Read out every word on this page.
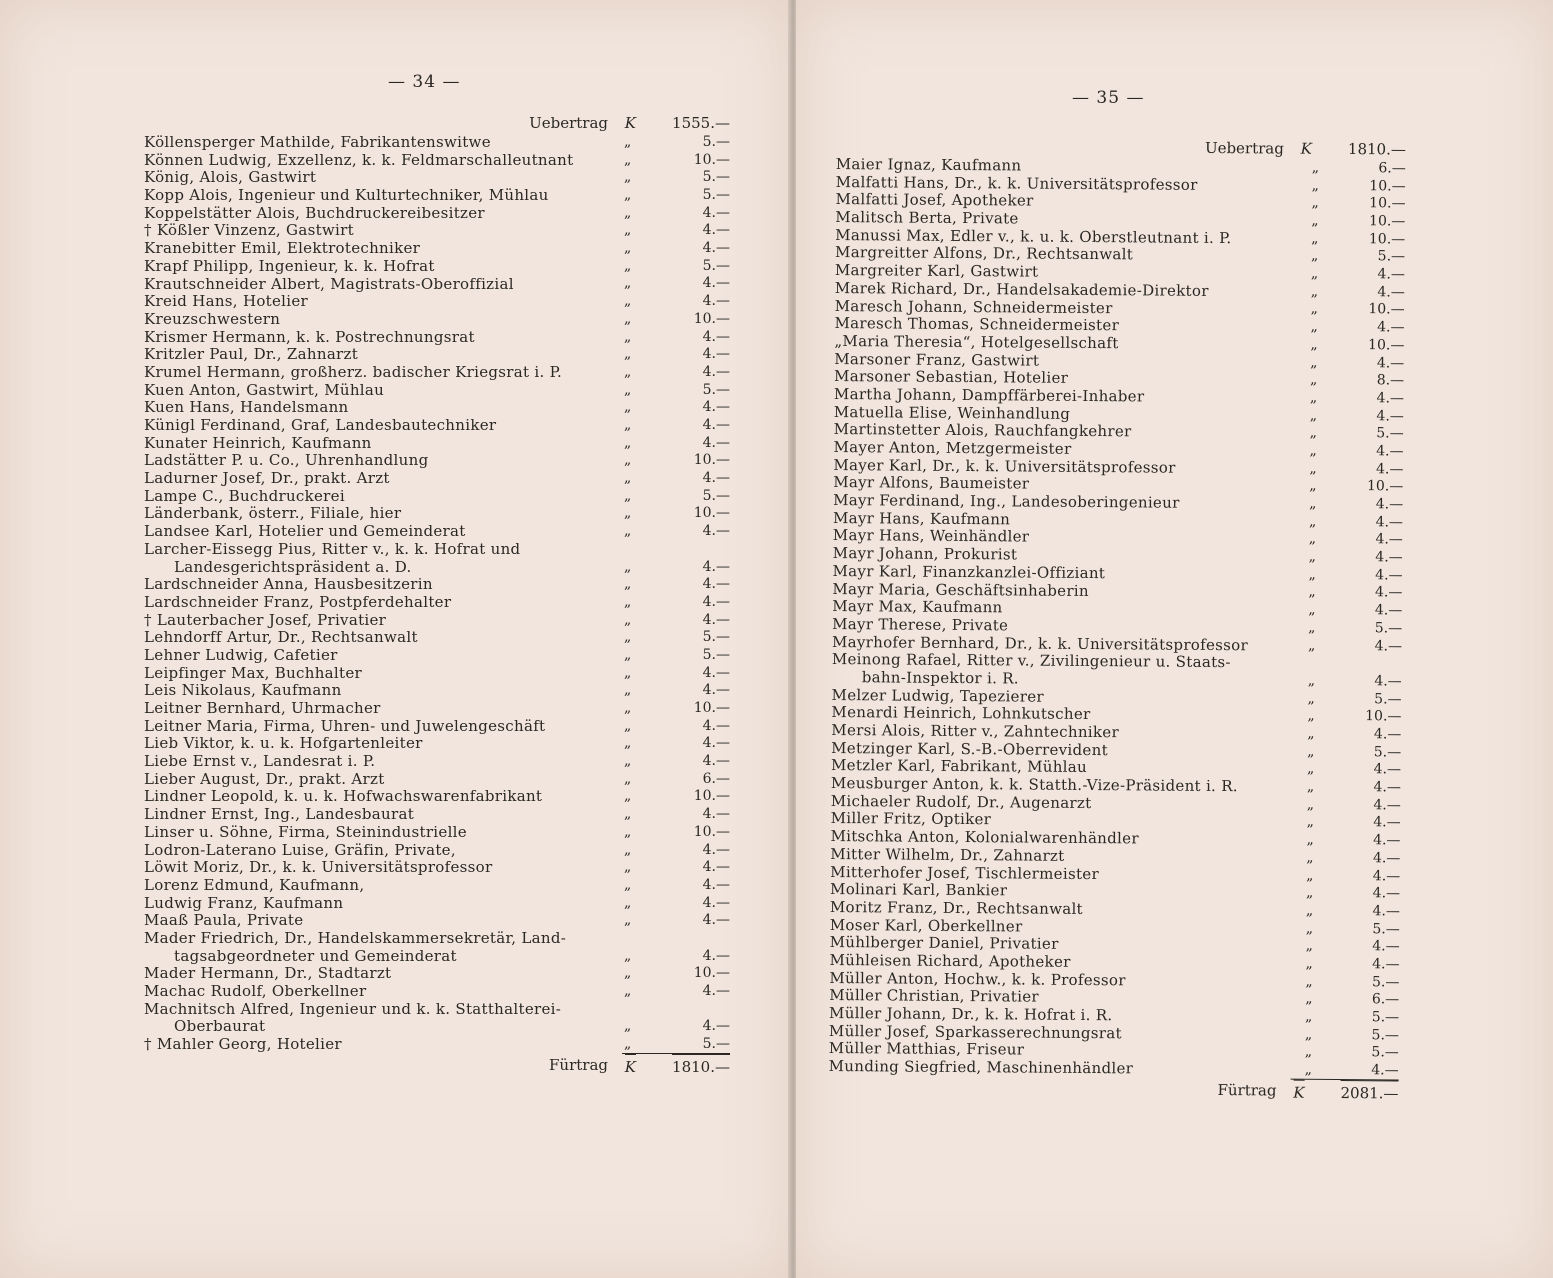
— 34 —
Uebertrag K 1555.—
Köllensperger Mathilde, Fabrikantenswitwe	„	5.—
Können Ludwig, Exzellenz, k. k. Feldmarschalleutnant	„	10.—
König, Alois, Gastwirt	„	5.—
Kopp Alois, Ingenieur und Kulturtechniker, Mühlau	„	5.—
Koppelstätter Alois, Buchdruckereibesitzer	„	4.—
† Kößler Vinzenz, Gastwirt	„	4.—
Kranebitter Emil, Elektrotechniker	„	4.—
Krapf Philipp, Ingenieur, k. k. Hofrat	„	5.—
Krautschneider Albert, Magistrats-Oberoffizial	„	4.—
Kreid Hans, Hotelier	„	4.—
Kreuzschwestern	„	10.—
Krismer Hermann, k. k. Postrechnungsrat	„	4.—
Kritzler Paul, Dr., Zahnarzt	„	4.—
Krumel Hermann, großherz. badischer Kriegsrat i. P.	„	4.—
Kuen Anton, Gastwirt, Mühlau	„	5.—
Kuen Hans, Handelsmann	„	4.—
Künigl Ferdinand, Graf, Landesbautechniker	„	4.—
Kunater Heinrich, Kaufmann	„	4.—
Ladstätter P. u. Co., Uhrenhandlung	„	10.—
Ladurner Josef, Dr., prakt. Arzt	„	4.—
Lampe C., Buchdruckerei	„	5.—
Länderbank, österr., Filiale, hier	„	10.—
Landsee Karl, Hotelier und Gemeinderat	„	4.—
Larcher-Eissegg Pius, Ritter v., k. k. Hofrat und
Landesgerichtspräsident a. D.	„	4.—
Lardschneider Anna, Hausbesitzerin	„	4.—
Lardschneider Franz, Postpferdehalter	„	4.—
† Lauterbacher Josef, Privatier	„	4.—
Lehndorff Artur, Dr., Rechtsanwalt	„	5.—
Lehner Ludwig, Cafetier	„	5.—
Leipfinger Max, Buchhalter	„	4.—
Leis Nikolaus, Kaufmann	„	4.—
Leitner Bernhard, Uhrmacher	„	10.—
Leitner Maria, Firma, Uhren- und Juwelengeschäft	„	4.—
Lieb Viktor, k. u. k. Hofgartenleiter	„	4.—
Liebe Ernst v., Landesrat i. P.	„	4.—
Lieber August, Dr., prakt. Arzt	„	6.—
Lindner Leopold, k. u. k. Hofwachswarenfabrikant	„	10.—
Lindner Ernst, Ing., Landesbaurat	„	4.—
Linser u. Söhne, Firma, Steinindustrielle	„	10.—
Lodron-Laterano Luise, Gräfin, Private,	„	4.—
Löwit Moriz, Dr., k. k. Universitätsprofessor	„	4.—
Lorenz Edmund, Kaufmann,	„	4.—
Ludwig Franz, Kaufmann	„	4.—
Maaß Paula, Private	„	4.—
Mader Friedrich, Dr., Handelskammersekretär, Land-
tagsabgeordneter und Gemeinderat	„	4.—
Mader Hermann, Dr., Stadtarzt	„	10.—
Machac Rudolf, Oberkellner	„	4.—
Machnitsch Alfred, Ingenieur und k. k. Statthalterei-
Oberbaurat	„	4.—
† Mahler Georg, Hotelier	„	5.—
Fürtrag K 1810.—
— 35 —
Uebertrag K 1810.—
Maier Ignaz, Kaufmann	„	6.—
Malfatti Hans, Dr., k. k. Universitätsprofessor	„	10.—
Malfatti Josef, Apotheker	„	10.—
Malitsch Berta, Private	„	10.—
Manussi Max, Edler v., k. u. k. Oberstleutnant i. P.	„	10.—
Margreitter Alfons, Dr., Rechtsanwalt	„	5.—
Margreiter Karl, Gastwirt	„	4.—
Marek Richard, Dr., Handelsakademie-Direktor	„	4.—
Maresch Johann, Schneidermeister	„	10.—
Maresch Thomas, Schneidermeister	„	4.—
„Maria Theresia“, Hotelgesellschaft	„	10.—
Marsoner Franz, Gastwirt	„	4.—
Marsoner Sebastian, Hotelier	„	8.—
Martha Johann, Dampffärberei-Inhaber	„	4.—
Matuella Elise, Weinhandlung	„	4.—
Martinstetter Alois, Rauchfangkehrer	„	5.—
Mayer Anton, Metzgermeister	„	4.—
Mayer Karl, Dr., k. k. Universitätsprofessor	„	4.—
Mayr Alfons, Baumeister	„	10.—
Mayr Ferdinand, Ing., Landesoberingenieur	„	4.—
Mayr Hans, Kaufmann	„	4.—
Mayr Hans, Weinhändler	„	4.—
Mayr Johann, Prokurist	„	4.—
Mayr Karl, Finanzkanzlei-Offiziant	„	4.—
Mayr Maria, Geschäftsinhaberin	„	4.—
Mayr Max, Kaufmann	„	4.—
Mayr Therese, Private	„	5.—
Mayrhofer Bernhard, Dr., k. k. Universitätsprofessor	„	4.—
Meinong Rafael, Ritter v., Zivilingenieur u. Staats-
bahn-Inspektor i. R.	„	4.—
Melzer Ludwig, Tapezierer	„	5.—
Menardi Heinrich, Lohnkutscher	„	10.—
Mersi Alois, Ritter v., Zahntechniker	„	4.—
Metzinger Karl, S.-B.-Oberrevident	„	5.—
Metzler Karl, Fabrikant, Mühlau	„	4.—
Meusburger Anton, k. k. Statth.-Vize-Präsident i. R.	„	4.—
Michaeler Rudolf, Dr., Augenarzt	„	4.—
Miller Fritz, Optiker	„	4.—
Mitschka Anton, Kolonialwarenhändler	„	4.—
Mitter Wilhelm, Dr., Zahnarzt	„	4.—
Mitterhofer Josef, Tischlermeister	„	4.—
Molinari Karl, Bankier	„	4.—
Moritz Franz, Dr., Rechtsanwalt	„	4.—
Moser Karl, Oberkellner	„	5.—
Mühlberger Daniel, Privatier	„	4.—
Mühleisen Richard, Apotheker	„	4.—
Müller Anton, Hochw., k. k. Professor	„	5.—
Müller Christian, Privatier	„	6.—
Müller Johann, Dr., k. k. Hofrat i. R.	„	5.—
Müller Josef, Sparkasserechnungsrat	„	5.—
Müller Matthias, Friseur	„	5.—
Munding Siegfried, Maschinenhändler	„	4.—
Fürtrag K 2081.—
